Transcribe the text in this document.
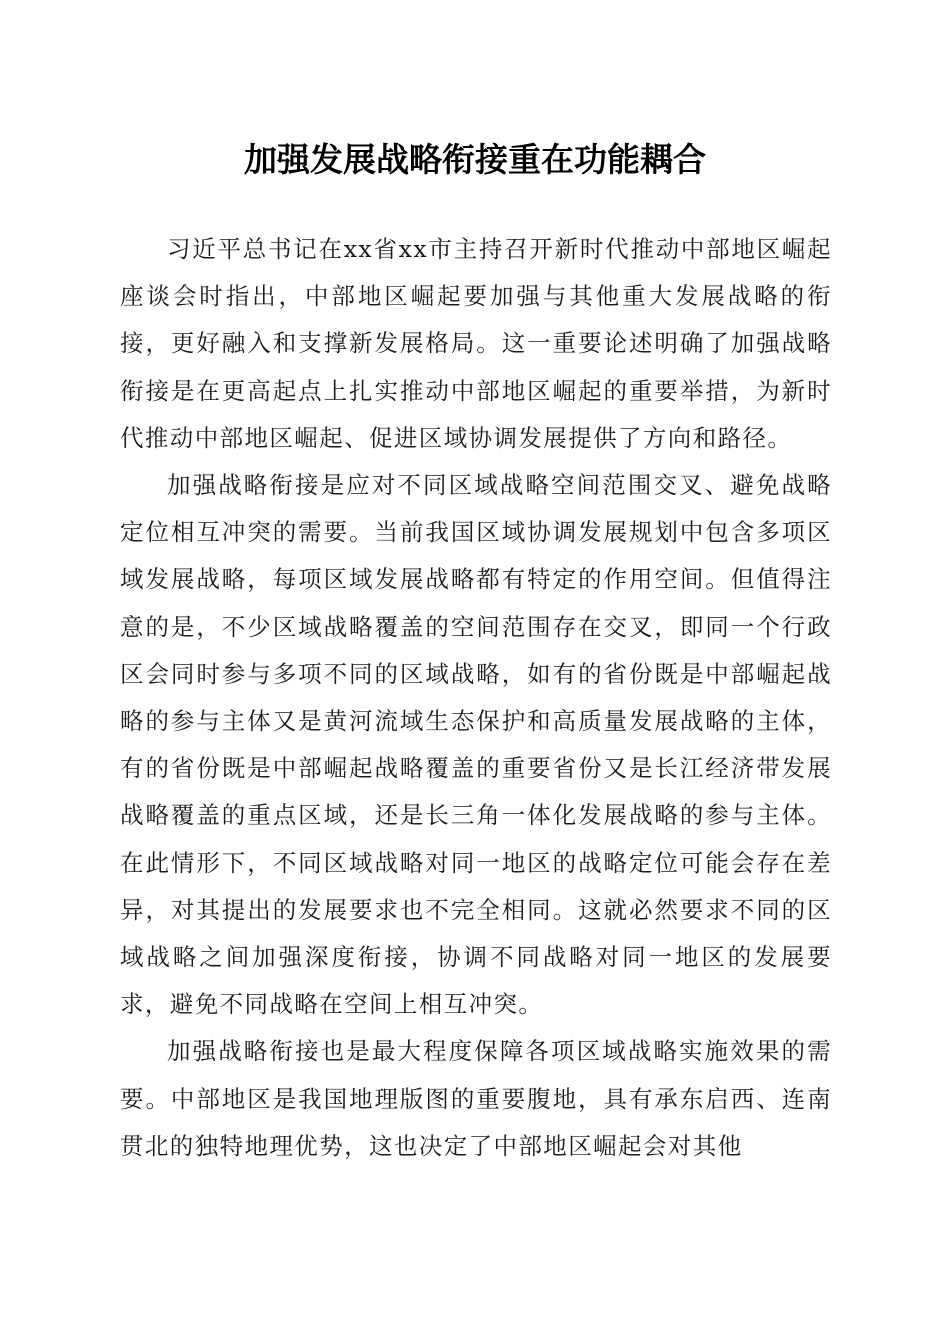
加强发展战略衔接重在功能耦合

习近平总书记在xx省xx市主持召开新时代推动中部地区崛起座谈会时指出，中部地区崛起要加强与其他重大发展战略的衔接，更好融入和支撑新发展格局。这一重要论述明确了加强战略衔接是在更高起点上扎实推动中部地区崛起的重要举措，为新时代推动中部地区崛起、促进区域协调发展提供了方向和路径。

加强战略衔接是应对不同区域战略空间范围交叉、避免战略定位相互冲突的需要。当前我国区域协调发展规划中包含多项区域发展战略，每项区域发展战略都有特定的作用空间。但值得注意的是，不少区域战略覆盖的空间范围存在交叉，即同一个行政区会同时参与多项不同的区域战略，如有的省份既是中部崛起战略的参与主体又是黄河流域生态保护和高质量发展战略的主体，有的省份既是中部崛起战略覆盖的重要省份又是长江经济带发展战略覆盖的重点区域，还是长三角一体化发展战略的参与主体。在此情形下，不同区域战略对同一地区的战略定位可能会存在差异，对其提出的发展要求也不完全相同。这就必然要求不同的区域战略之间加强深度衔接，协调不同战略对同一地区的发展要求，避免不同战略在空间上相互冲突。

加强战略衔接也是最大程度保障各项区域战略实施效果的需要。中部地区是我国地理版图的重要腹地，具有承东启西、连南贯北的独特地理优势，这也决定了中部地区崛起会对其他
